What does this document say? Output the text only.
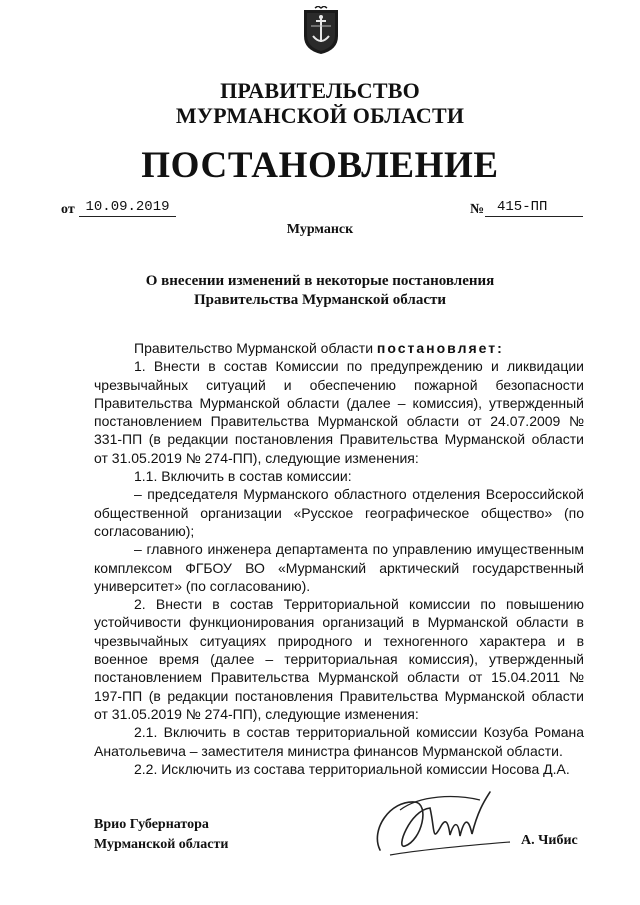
ПРАВИТЕЛЬСТВО
МУРМАНСКОЙ ОБЛАСТИ
ПОСТАНОВЛЕНИЕ
от 10.09.2019	№ 415-ПП
Мурманск
О внесении изменений в некоторые постановления
Правительства Мурманской области

Правительство Мурманской области постановляет:

1. Внести в состав Комиссии по предупреждению и ликвидации чрезвычайных ситуаций и обеспечению пожарной безопасности Правительства Мурманской области (далее – комиссия), утвержденный постановлением Правительства Мурманской области от 24.07.2009 № 331-ПП (в редакции постановления Правительства Мурманской области от 31.05.2019 № 274-ПП), следующие изменения:

1.1. Включить в состав комиссии:

– председателя Мурманского областного отделения Всероссийской общественной организации «Русское географическое общество» (по согласованию);

– главного инженера департамента по управлению имущественным комплексом ФГБОУ ВО «Мурманский арктический государственный университет» (по согласованию).

2. Внести в состав Территориальной комиссии по повышению устойчивости функционирования организаций в Мурманской области в чрезвычайных ситуациях природного и техногенного характера и в военное время (далее – территориальная комиссия), утвержденный постановлением Правительства Мурманской области от 15.04.2011 № 197-ПП (в редакции постановления Правительства Мурманской области от 31.05.2019 № 274-ПП), следующие изменения:

2.1. Включить в состав территориальной комиссии Козуба Романа Анатольевича – заместителя министра финансов Мурманской области.

2.2. Исключить из состава территориальной комиссии Носова Д.А.

Врио Губернатора
Мурманской области	А. Чибис
